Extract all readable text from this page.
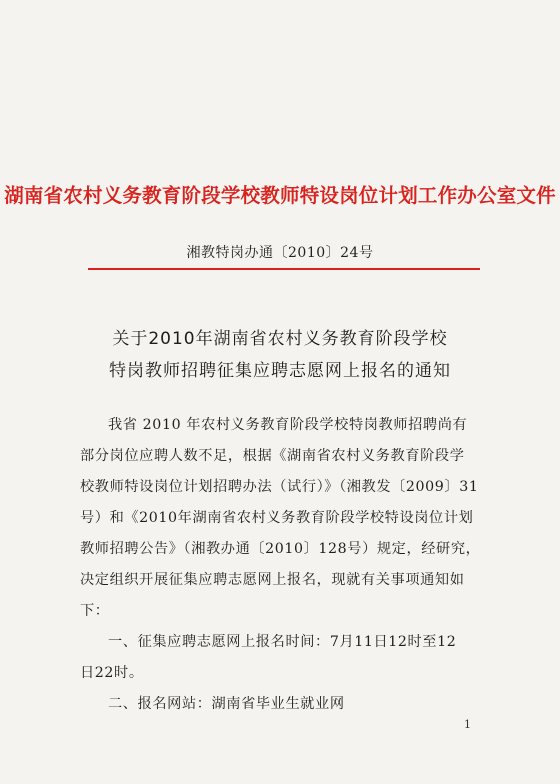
湖南省农村义务教育阶段学校教师特设岗位计划工作办公室文件
湘教特岗办通〔2010〕24号
关于2010年湖南省农村义务教育阶段学校
特岗教师招聘征集应聘志愿网上报名的通知
我省 2010 年农村义务教育阶段学校特岗教师招聘尚有
部分岗位应聘人数不足，根据《湖南省农村义务教育阶段学
校教师特设岗位计划招聘办法（试行）》（湘教发〔2009〕31
号）和《2010年湖南省农村义务教育阶段学校特设岗位计划
教师招聘公告》（湘教办通〔2010〕128号）规定，经研究，
决定组织开展征集应聘志愿网上报名，现就有关事项通知如
下：
一、征集应聘志愿网上报名时间：7月11日12时至12
日22时。
二、报名网站：湖南省毕业生就业网
1
